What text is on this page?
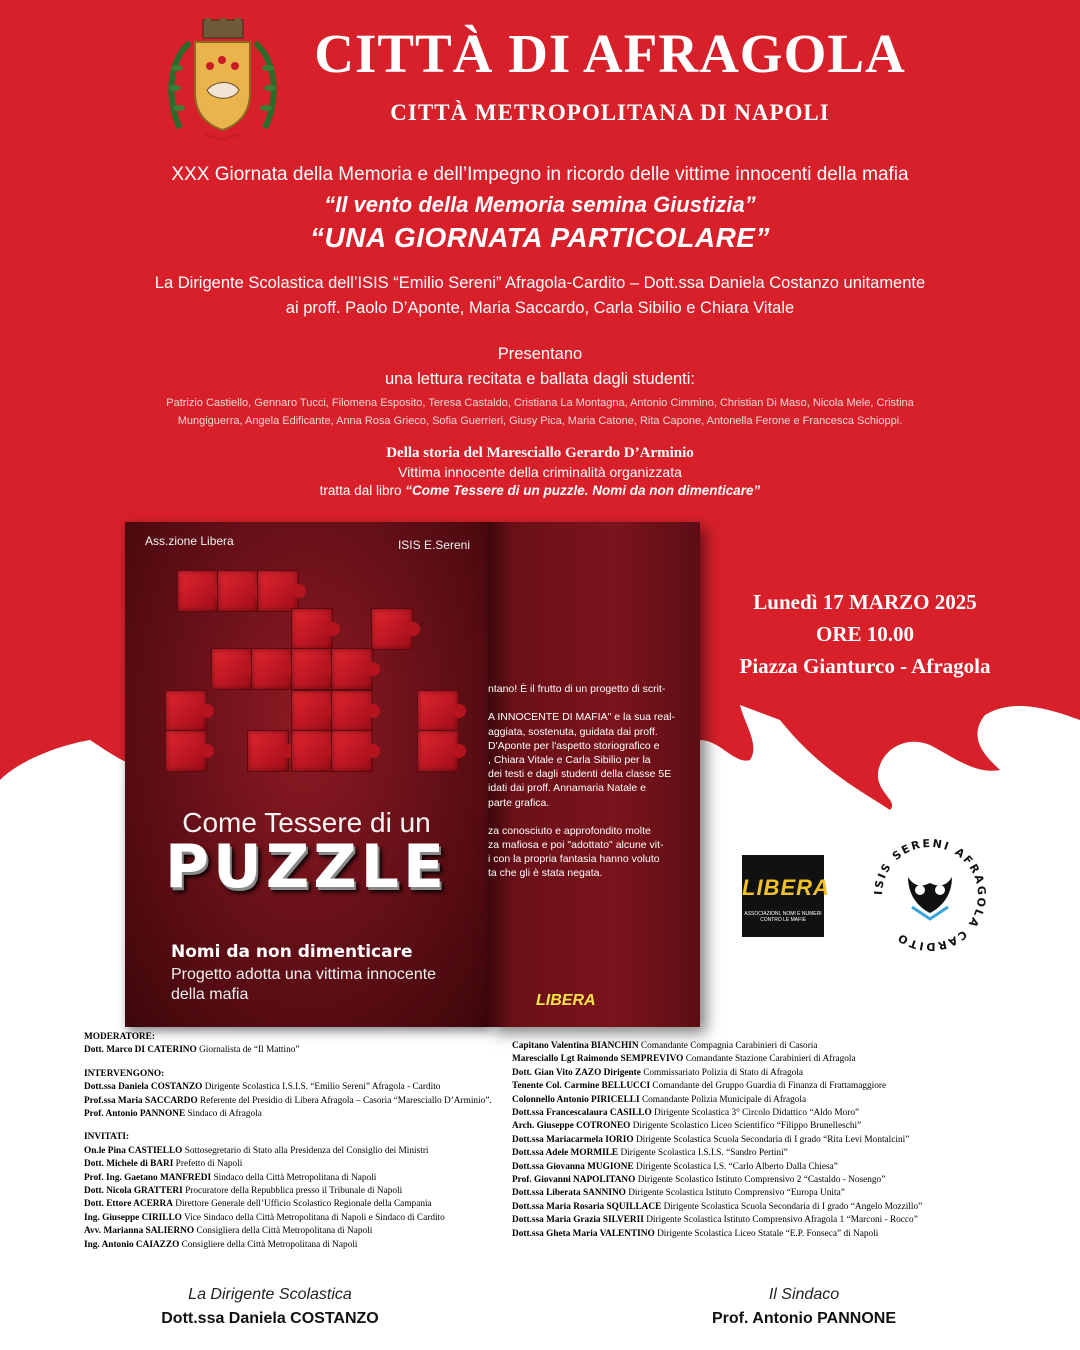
CITTÀ DI AFRAGOLA
CITTÀ METROPOLITANA DI NAPOLI
XXX Giornata della Memoria e dell’Impegno in ricordo delle vittime innocenti della mafia
“Il vento della Memoria semina Giustizia”
“UNA GIORNATA PARTICOLARE”
La Dirigente Scolastica dell’ISIS “Emilio Sereni” Afragola-Cardito – Dott.ssa Daniela Costanzo unitamente
ai proff. Paolo D’Aponte, Maria Saccardo, Carla Sibilio e Chiara Vitale
Presentano
una lettura recitata e ballata dagli studenti:
Patrizio Castiello, Gennaro Tucci, Filomena Esposito, Teresa Castaldo, Cristiana La Montagna, Antonio Cimmino, Christian Di Maso, Nicola Mele, Cristina Mungiguerra, Angela Edificante, Anna Rosa Grieco, Sofia Guerrieri, Giusy Pica, Maria Catone, Rita Capone, Antonella Ferone e Francesca Schioppi.
Della storia del Maresciallo Gerardo D’Arminio
Vittima innocente della criminalità organizzata
tratta dal libro “Come Tessere di un puzzle. Nomi da non dimenticare”
Ass.zione Libera	ISIS E.Sereni
Come Tessere di un
PUZZLE
Nomi da non dimenticare
Progetto adotta una vittima innocente della mafia
ntano! È il frutto di un progetto di scrit-

A INNOCENTE DI MAFIA" e la sua real-
aggiata, sostenuta, guidata dai proff.
D'Aponte per l'aspetto storiografico e
, Chiara Vitale e Carla Sibilio per la
dei testi e dagli studenti della classe 5E
idati dai proff. Annamaria Natale e
parte grafica.
za conosciuto e approfondito molte
za mafiosa e poi "adottato" alcune vit-
i con la propria fantasia hanno voluto
ta che gli è stata negata.
LIBERA
Lunedì 17 MARZO 2025
ORE 10.00
Piazza Gianturco - Afragola
LIBERA
ASSOCIAZIONI, NOMI E NUMERI CONTRO LE MAFIE
ISIS SERENI AFRAGOLA CARDITO
MODERATORE:
Dott. Marco DI CATERINO Giornalista de “Il Mattino”
INTERVENGONO:
Dott.ssa Daniela COSTANZO Dirigente Scolastica I.S.I.S. “Emilio Sereni” Afragola - Cardito
Prof.ssa Maria SACCARDO Referente del Presidio di Libera Afragola – Casoria “Maresciallo D’Arminio”.
Prof. Antonio PANNONE Sindaco di Afragola
INVITATI:
On.le Pina CASTIELLO Sottosegretario di Stato alla Presidenza del Consiglio dei Ministri
Dott. Michele di BARI Prefetto di Napoli
Prof. Ing. Gaetano MANFREDI Sindaco della Città Metropolitana di Napoli
Dott. Nicola GRATTERI Procuratore della Repubblica presso il Tribunale di Napoli
Dott. Ettore ACERRA Direttore Generale dell’Ufficio Scolastico Regionale della Campania
Ing. Giuseppe CIRILLO Vice Sindaco della Città Metropolitana di Napoli e Sindaco di Cardito
Avv. Marianna SALIERNO Consigliera della Città Metropolitana di Napoli
Ing. Antonio CAIAZZO Consigliere della Città Metropolitana di Napoli
Capitano Valentina BIANCHIN Comandante Compagnia Carabinieri di Casoria
Maresciallo Lgt Raimondo SEMPREVIVO Comandante Stazione Carabinieri di Afragola
Dott. Gian Vito ZAZO Dirigente Commissariato Polizia di Stato di Afragola
Tenente Col. Carmine BELLUCCI Comandante del Gruppo Guardia di Finanza di Frattamaggiore
Colonnello Antonio PIRICELLI Comandante Polizia Municipale di Afragola
Dott.ssa Francescalaura CASILLO Dirigente Scolastica 3° Circolo Didattico “Aldo Moro”
Arch. Giuseppe COTRONEO Dirigente Scolastico Liceo Scientifico “Filippo Brunelleschi”
Dott.ssa Mariacarmela IORIO Dirigente Scolastica Scuola Secondaria di I grado “Rita Levi Montalcini”
Dott.ssa Adele MORMILE Dirigente Scolastica I.S.I.S. “Sandro Pertini”
Dott.ssa Giovanna MUGIONE Dirigente Scolastica I.S. “Carlo Alberto Dalla Chiesa”
Prof. Giovanni NAPOLITANO Dirigente Scolastico Istituto Comprensivo 2 “Castaldo - Nosengo”
Dott.ssa Liberata SANNINO Dirigente Scolastica Istituto Comprensivo “Europa Unita”
Dott.ssa Maria Rosaria SQUILLACE Dirigente Scolastica Scuola Secondaria di I grado “Angelo Mozzillo”
Dott.ssa Maria Grazia SILVERII Dirigente Scolastica Istituto Comprensivo Afragola 1 “Marconi - Rocco”
Dott.ssa Gheta Maria VALENTINO Dirigente Scolastica Liceo Statale “E.P. Fonseca” di Napoli
La Dirigente Scolastica
Dott.ssa Daniela COSTANZO
Il Sindaco
Prof. Antonio PANNONE
